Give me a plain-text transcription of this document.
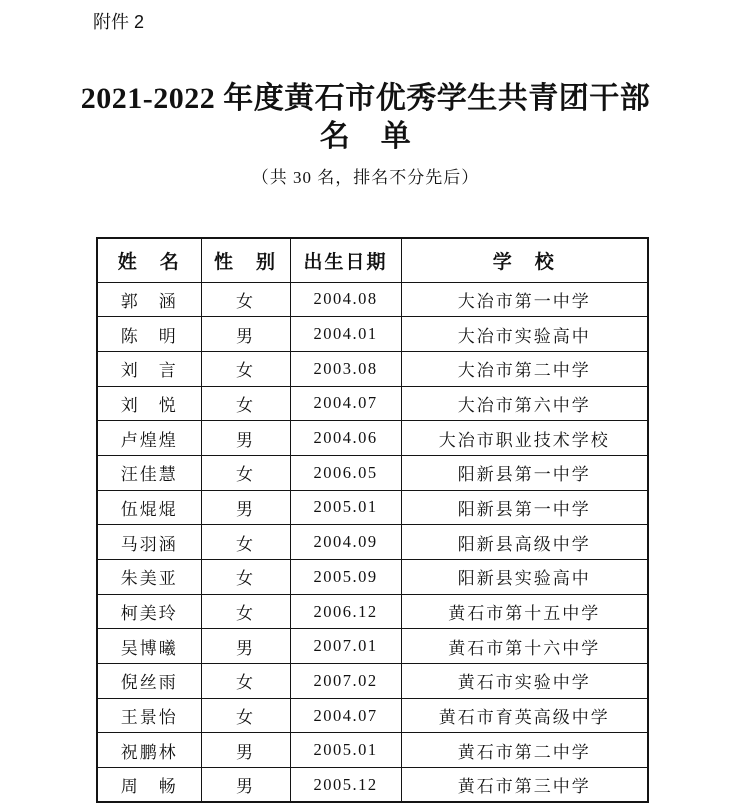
附件 2
2021-2022 年度黄石市优秀学生共青团干部
名　单
（共 30 名，排名不分先后）
姓　名	性　别	出生日期	学　校
郭　涵	女	2004.08	大冶市第一中学
陈　明	男	2004.01	大冶市实验高中
刘　言	女	2003.08	大冶市第二中学
刘　悦	女	2004.07	大冶市第六中学
卢煌煌	男	2004.06	大冶市职业技术学校
汪佳慧	女	2006.05	阳新县第一中学
伍焜焜	男	2005.01	阳新县第一中学
马羽涵	女	2004.09	阳新县高级中学
朱美亚	女	2005.09	阳新县实验高中
柯美玲	女	2006.12	黄石市第十五中学
吴博曦	男	2007.01	黄石市第十六中学
倪丝雨	女	2007.02	黄石市实验中学
王景怡	女	2004.07	黄石市育英高级中学
祝鹏林	男	2005.01	黄石市第二中学
周　畅	男	2005.12	黄石市第三中学
